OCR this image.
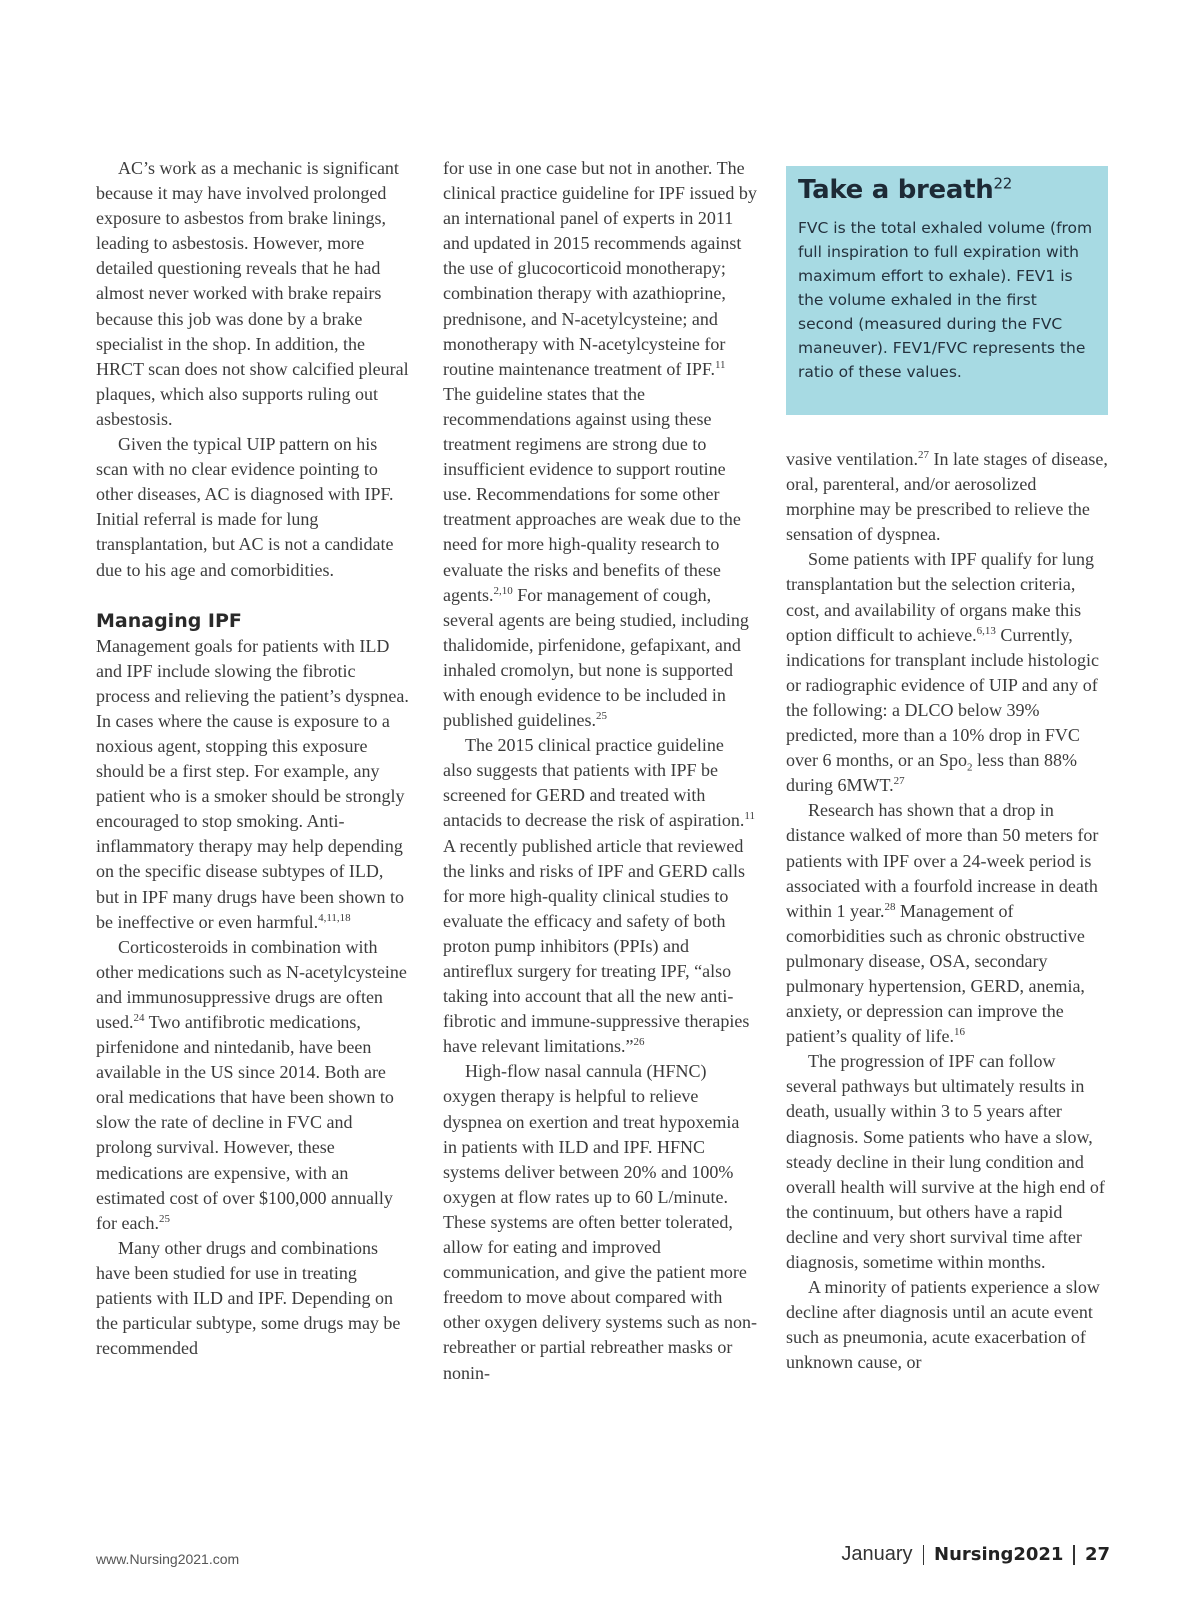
AC’s work as a mechanic is significant because it may have involved prolonged exposure to asbestos from brake linings, leading to asbestosis. However, more detailed questioning reveals that he had almost never worked with brake repairs because this job was done by a brake specialist in the shop. In addition, the HRCT scan does not show calcified pleural plaques, which also supports ruling out asbestosis.

Given the typical UIP pattern on his scan with no clear evidence pointing to other diseases, AC is diagnosed with IPF. Initial referral is made for lung transplantation, but AC is not a candidate due to his age and comorbidities.

Managing IPF

Management goals for patients with ILD and IPF include slowing the fibrotic process and relieving the patient’s dyspnea. In cases where the cause is exposure to a noxious agent, stopping this exposure should be a first step. For example, any patient who is a smoker should be strongly encouraged to stop smoking. Anti-inflammatory therapy may help depending on the specific disease subtypes of ILD, but in IPF many drugs have been shown to be ineffective or even harmful.$^{4,11,18}$

Corticosteroids in combination with other medications such as N-acetylcysteine and immunosuppressive drugs are often used.$^{24}$ Two antifibrotic medications, pirfenidone and nintedanib, have been available in the US since 2014. Both are oral medications that have been shown to slow the rate of decline in FVC and prolong survival. However, these medications are expensive, with an estimated cost of over $100,000 annually for each.$^{25}$

Many other drugs and combinations have been studied for use in treating patients with ILD and IPF. Depending on the particular subtype, some drugs may be recommended

for use in one case but not in another. The clinical practice guideline for IPF issued by an international panel of experts in 2011 and updated in 2015 recommends against the use of glucocorticoid monotherapy; combination therapy with azathioprine, prednisone, and N-acetylcysteine; and monotherapy with N-acetylcysteine for routine maintenance treatment of IPF.$^{11}$ The guideline states that the recommendations against using these treatment regimens are strong due to insufficient evidence to support routine use. Recommendations for some other treatment approaches are weak due to the need for more high-quality research to evaluate the risks and benefits of these agents.$^{2,10}$ For management of cough, several agents are being studied, including thalidomide, pirfenidone, gefapixant, and inhaled cromolyn, but none is supported with enough evidence to be included in published guidelines.$^{25}$

The 2015 clinical practice guideline also suggests that patients with IPF be screened for GERD and treated with antacids to decrease the risk of aspiration.$^{11}$ A recently published article that reviewed the links and risks of IPF and GERD calls for more high-quality clinical studies to evaluate the efficacy and safety of both proton pump inhibitors (PPIs) and antireflux surgery for treating IPF, “also taking into account that all the new anti-fibrotic and immune-suppressive therapies have relevant limitations.”$^{26}$

High-flow nasal cannula (HFNC) oxygen therapy is helpful to relieve dyspnea on exertion and treat hypoxemia in patients with ILD and IPF. HFNC systems deliver between 20% and 100% oxygen at flow rates up to 60 L/minute. These systems are often better tolerated, allow for eating and improved communication, and give the patient more freedom to move about compared with other oxygen delivery systems such as non-rebreather or partial rebreather masks or nonin-

Take a breath$^{22}$
FVC is the total exhaled volume (from full inspiration to full expiration with maximum effort to exhale). FEV1 is the volume exhaled in the first second (measured during the FVC maneuver). FEV1/FVC represents the ratio of these values.

vasive ventilation.$^{27}$ In late stages of disease, oral, parenteral, and/or aerosolized morphine may be prescribed to relieve the sensation of dyspnea.

Some patients with IPF qualify for lung transplantation but the selection criteria, cost, and availability of organs make this option difficult to achieve.$^{6,13}$ Currently, indications for transplant include histologic or radiographic evidence of UIP and any of the following: a DLCO below 39% predicted, more than a 10% drop in FVC over 6 months, or an Spo$_2$ less than 88% during 6MWT.$^{27}$

Research has shown that a drop in distance walked of more than 50 meters for patients with IPF over a 24-week period is associated with a fourfold increase in death within 1 year.$^{28}$ Management of comorbidities such as chronic obstructive pulmonary disease, OSA, secondary pulmonary hypertension, GERD, anemia, anxiety, or depression can improve the patient’s quality of life.$^{16}$

The progression of IPF can follow several pathways but ultimately results in death, usually within 3 to 5 years after diagnosis. Some patients who have a slow, steady decline in their lung condition and overall health will survive at the high end of the continuum, but others have a rapid decline and very short survival time after diagnosis, sometime within months.

A minority of patients experience a slow decline after diagnosis until an acute event such as pneumonia, acute exacerbation of unknown cause, or

www.Nursing2021.com	January Nursing2021 27
